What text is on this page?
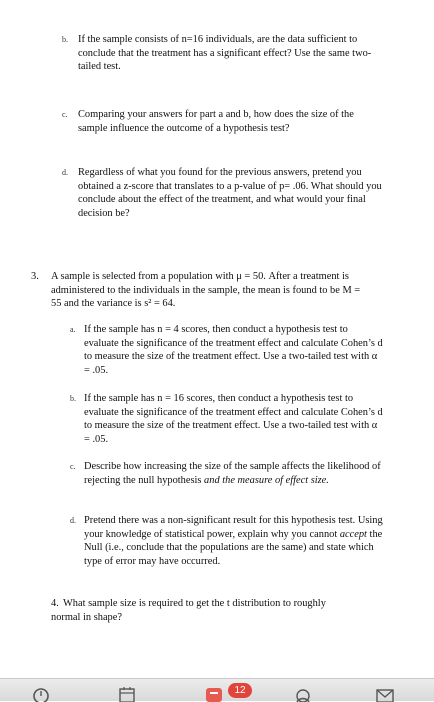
b. If the sample consists of n=16 individuals, are the data sufficient to conclude that the treatment has a significant effect? Use the same two-tailed test.
c. Comparing your answers for part a and b, how does the size of the sample influence the outcome of a hypothesis test?
d. Regardless of what you found for the previous answers, pretend you obtained a z-score that translates to a p-value of p= .06. What should you conclude about the effect of the treatment, and what would your final decision be?
3. A sample is selected from a population with μ = 50. After a treatment is administered to the individuals in the sample, the mean is found to be M = 55 and the variance is s² = 64.
a. If the sample has n = 4 scores, then conduct a hypothesis test to evaluate the significance of the treatment effect and calculate Cohen’s d to measure the size of the treatment effect. Use a two-tailed test with α = .05.
b. If the sample has n = 16 scores, then conduct a hypothesis test to evaluate the significance of the treatment effect and calculate Cohen’s d to measure the size of the treatment effect. Use a two-tailed test with α = .05.
c. Describe how increasing the size of the sample affects the likelihood of rejecting the null hypothesis and the measure of effect size.
d. Pretend there was a non-significant result for this hypothesis test. Using your knowledge of statistical power, explain why you cannot accept the Null (i.e., conclude that the populations are the same) and state which type of error may have occurred.
4. What sample size is required to get the t distribution to roughly normal in shape?
12
